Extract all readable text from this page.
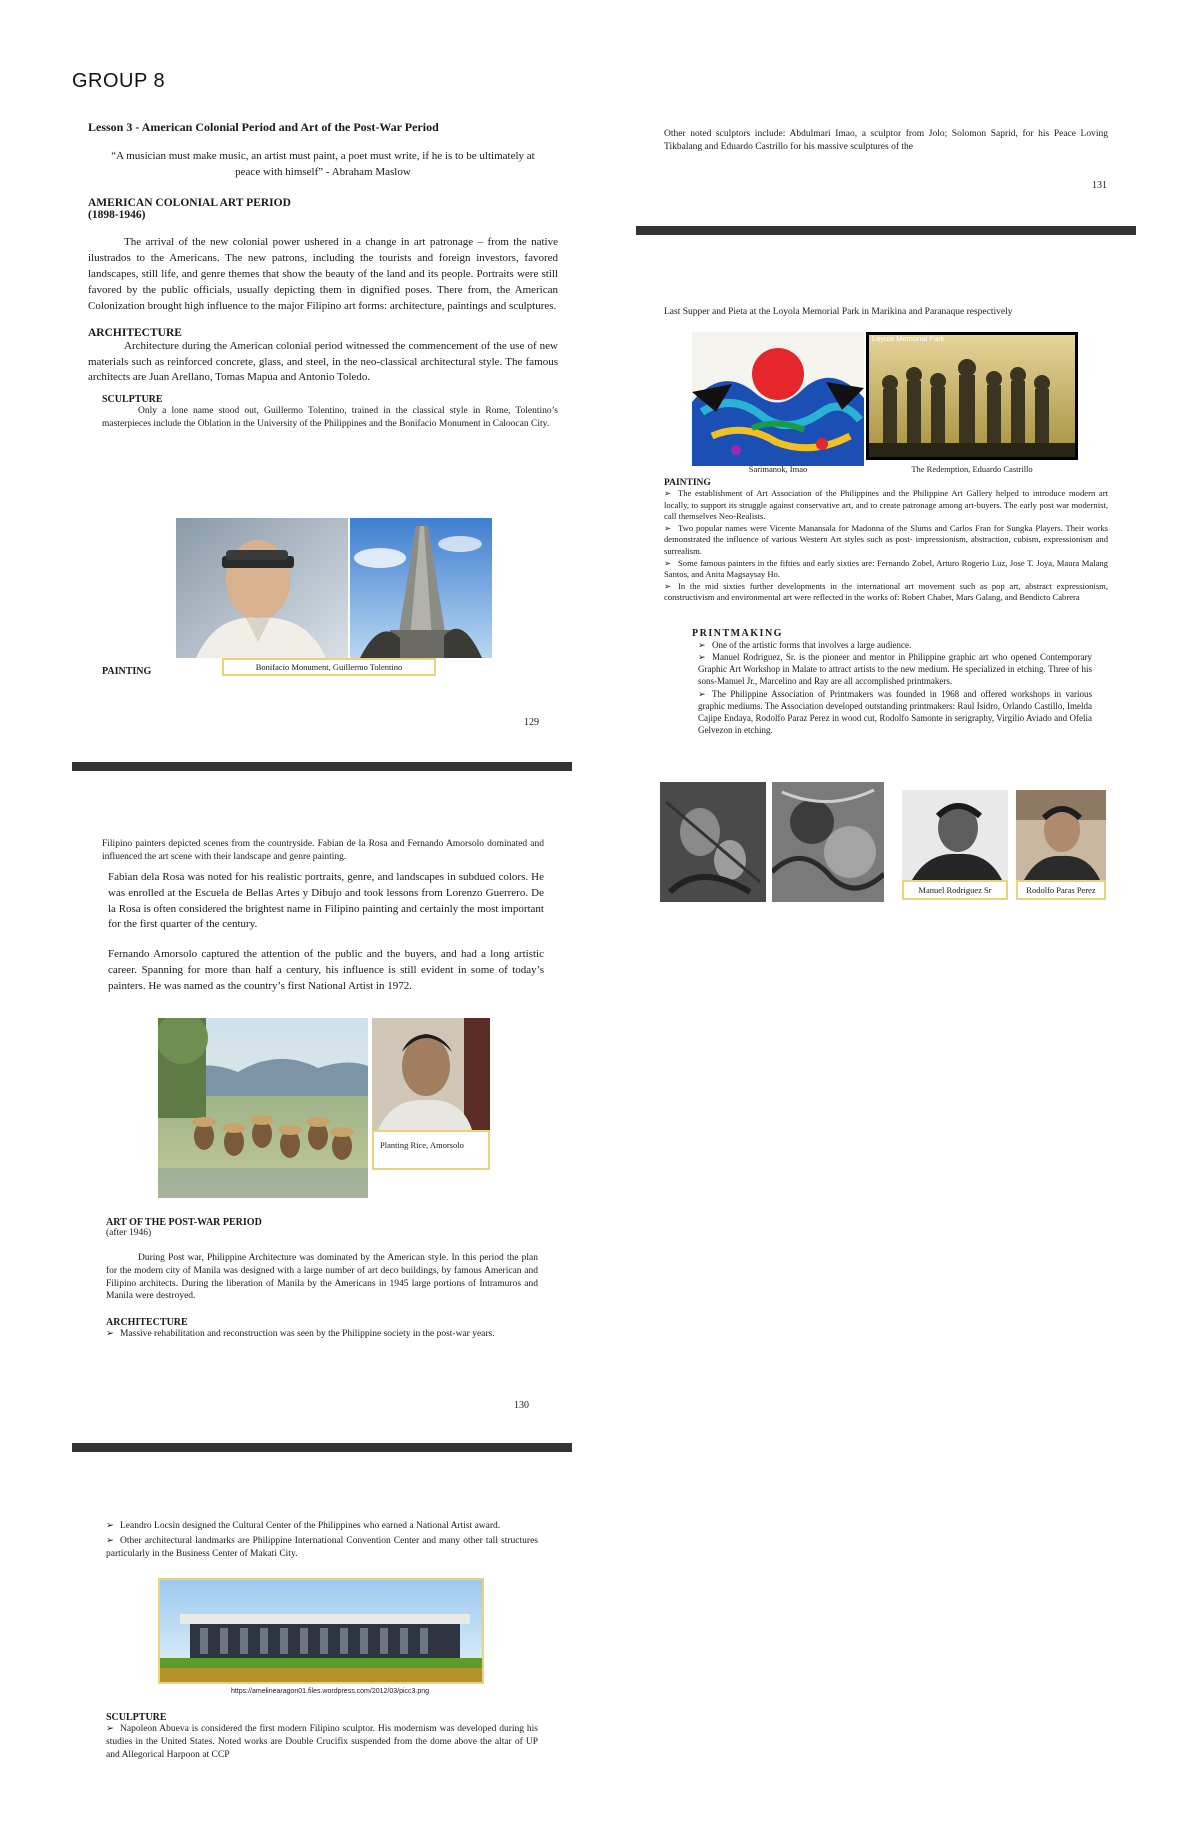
GROUP 8

Lesson 3 - American Colonial Period and Art of the Post-War Period

“A musician must make music, an artist must paint, a poet must write, if he is to be ultimately at peace with himself” - Abraham Maslow

AMERICAN COLONIAL ART PERIOD

(1898-1946)

The arrival of the new colonial power ushered in a change in art patronage – from the native ilustrados to the Americans. The new patrons, including the tourists and foreign investors, favored landscapes, still life, and genre themes that show the beauty of the land and its people. Portraits were still favored by the public officials, usually depicting them in dignified poses. There from, the American Colonization brought high influence to the major Filipino art forms: architecture, paintings and sculptures.

ARCHITECTURE

Architecture during the American colonial period witnessed the commencement of the use of new materials such as reinforced concrete, glass, and steel, in the neo-classical architectural style. The famous architects are Juan Arellano, Tomas Mapua and Antonio Toledo.

SCULPTURE

Only a lone name stood out, Guillermo Tolentino, trained in the classical style in Rome, Tolentino’s masterpieces include the Oblation in the University of the Philippines and the Bonifacio Monument in Caloocan City.

Bonifacio Monument, Guillermo Tolentino
PAINTING
129

Filipino painters depicted scenes from the countryside. Fabian de la Rosa and Fernando Amorsolo dominated and influenced the art scene with their landscape and genre painting.

Fabian dela Rosa was noted for his realistic portraits, genre, and landscapes in subdued colors. He was enrolled at the Escuela de Bellas Artes y Dibujo and took lessons from Lorenzo Guerrero. De la Rosa is often considered the brightest name in Filipino painting and certainly the most important for the first quarter of the century.

Fernando Amorsolo captured the attention of the public and the buyers, and had a long artistic career. Spanning for more than half a century, his influence is still evident in some of today’s painters. He was named as the country’s first National Artist in 1972.

Planting Rice, Amorsolo

ART OF THE POST-WAR PERIOD

(after 1946)

During Post war, Philippine Architecture was dominated by the American style. In this period the plan for the modern city of Manila was designed with a large number of art deco buildings, by famous American and Filipino architects. During the liberation of Manila by the Americans in 1945 large portions of Intramuros and Manila were destroyed.

ARCHITECTURE

➢ Massive rehabilitation and reconstruction was seen by the Philippine society in the post-war years.

130
➢ Leandro Locsin designed the Cultural Center of the Philippines who earned a National Artist award.
➢ Other architectural landmarks are Philippine International Convention Center and many other tall structures particularly in the Business Center of Makati City.
https://amelinearagon01.files.wordpress.com/2012/03/picc3.png

SCULPTURE

➢ Napoleon Abueva is considered the first modern Filipino sculptor. His modernism was developed during his studies in the United States. Noted works are Double Crucifix suspended from the dome above the altar of UP and Allegorical Harpoon at CCP

Other noted sculptors include: Abdulmari Imao, a sculptor from Jolo; Solomon Saprid, for his Peace Loving Tikbalang and Eduardo Castrillo for his massive sculptures of the
131
Last Supper and Pieta at the Loyola Memorial Park in Marikina and Paranaque respectively
Loyola Memorial Park
Sarimanok, Imao	The Redemption, Eduardo Castrillo

PAINTING

➢ The establishment of Art Association of the Philippines and the Philippine Art Gallery helped to introduce modern art locally, to support its struggle against conservative art, and to create patronage among art-buyers. The early post war modernist, call themselves Neo-Realists.
➢ Two popular names were Vicente Manansala for Madonna of the Slums and Carlos Fran for Sungka Players. Their works demonstrated the influence of various Western Art styles such as post- impressionism, abstraction, cubism, expressionism and surrealism.
➢ Some famous painters in the fifties and early sixties are: Fernando Zobel, Arturo Rogerio Luz, Jose T. Joya, Maura Malang Santos, and Anita Magsaysay Ho.
➢ In the mid sixties further developments in the international art movement such as pop art, abstract expressionism, constructivism and environmental art were reflected in the works of: Robert Chabet, Mars Galang, and Bendicto Cabrera

PRINTMAKING

➢ One of the artistic forms that involves a large audience.
➢ Manuel Rodriguez, Sr. is the pioneer and mentor in Philippine graphic art who opened Contemporary Graphic Art Workshop in Malate to attract artists to the new medium. He specialized in etching. Three of his sons-Manuel Jr., Marcelino and Ray are all accomplished printmakers.
➢ The Philippine Association of Printmakers was founded in 1968 and offered workshops in various graphic mediums. The Association developed outstanding printmakers: Raul Isidro, Orlando Castillo, Imelda Cajipe Endaya, Rodolfo Paraz Perez in wood cut, Rodolfo Samonte in serigraphy, Virgilio Aviado and Ofelia Gelvezon in etching.
Manuel Rodriguez Sr	Rodolfo Paras Perez
